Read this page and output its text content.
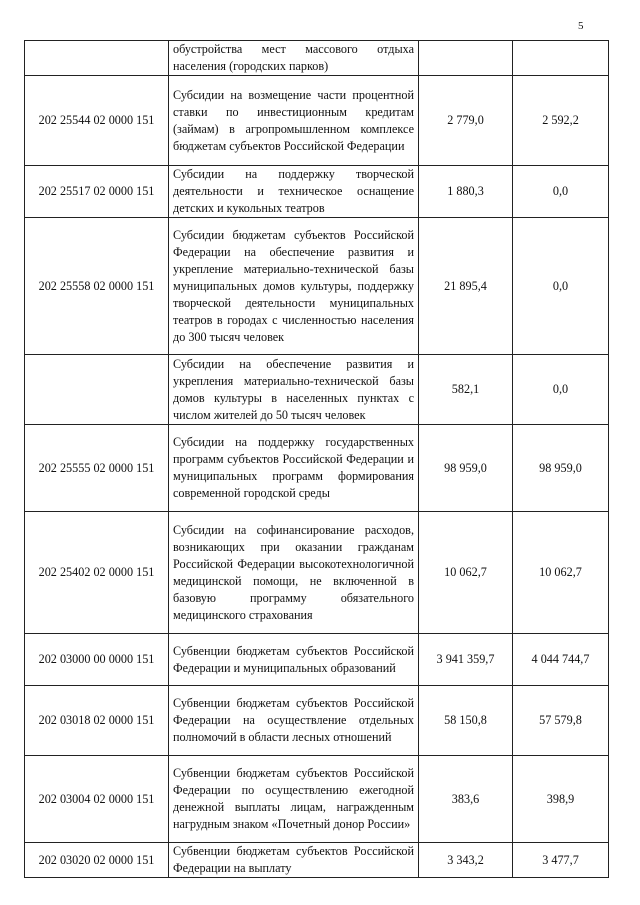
5
	обустройства мест массового отдыха населения (городских парков)		
202 25544 02 0000 151	Субсидии на возмещение части процентной ставки по инвестиционным кредитам (займам) в агропромышленном комплексе бюджетам субъектов Российской Федерации	2 779,0	2 592,2
202 25517 02 0000 151	Субсидии на поддержку творческой деятельности и техническое оснащение детских и кукольных театров	1 880,3	0,0
202 25558 02 0000 151	Субсидии бюджетам субъектов Российской Федерации на обеспечение развития и укрепление материально-технической базы муниципальных домов культуры, поддержку творческой деятельности муниципальных театров в городах с численностью населения до 300 тысяч человек	21 895,4	0,0
	Субсидии на обеспечение развития и укрепления материально-технической базы домов культуры в населенных пунктах с числом жителей до 50 тысяч человек	582,1	0,0
202 25555 02 0000 151	Субсидии на поддержку государственных программ субъектов Российской Федерации и муниципальных программ формирования современной городской среды	98 959,0	98 959,0
202 25402 02 0000 151	Субсидии на софинансирование расходов, возникающих при оказании гражданам Российской Федерации высокотехнологичной медицинской помощи, не включенной в базовую программу обязательного медицинского страхования	10 062,7	10 062,7
202 03000 00 0000 151	Субвенции бюджетам субъектов Российской Федерации и муниципальных образований	3 941 359,7	4 044 744,7
202 03018 02 0000 151	Субвенции бюджетам субъектов Российской Федерации на осуществление отдельных полномочий в области лесных отношений	58 150,8	57 579,8
202 03004 02 0000 151	Субвенции бюджетам субъектов Российской Федерации по осуществлению ежегодной денежной выплаты лицам, награжденным нагрудным знаком «Почетный донор России»	383,6	398,9
202 03020 02 0000 151	Субвенции бюджетам субъектов Российской Федерации на выплату	3 343,2	3 477,7
